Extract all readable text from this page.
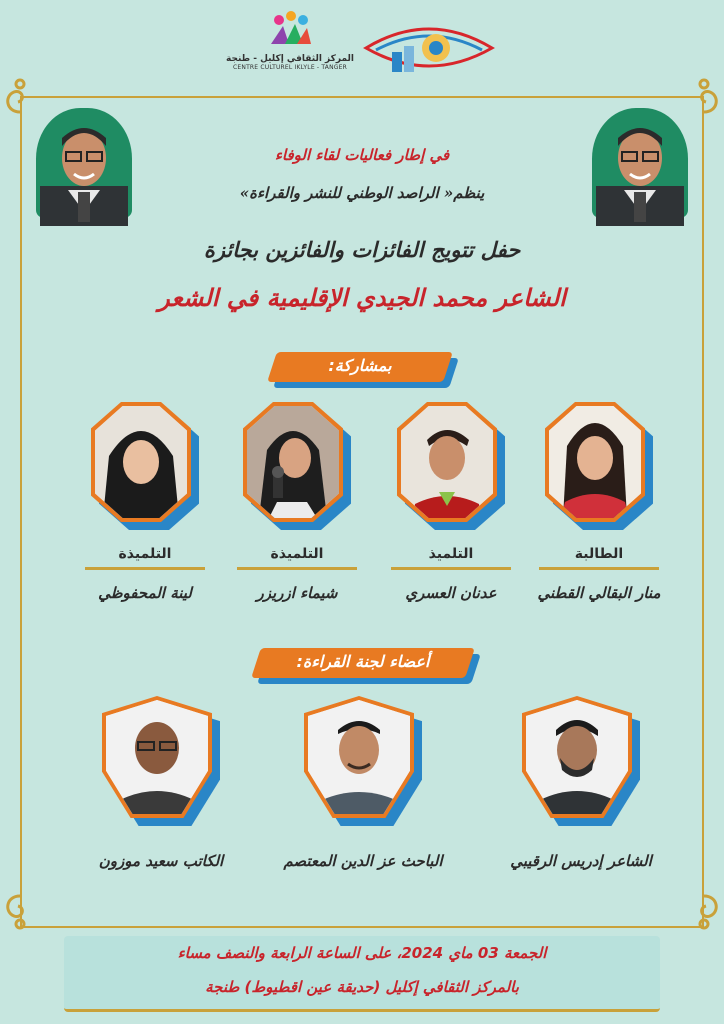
المركز الثقافي إكليل - طنجة
CENTRE CULTUREL IKLYLE - TANGER
في إطار فعاليات لقاء الوفاء
ينظم« الراصد الوطني للنشر والقراءة»
حفل تتويج الفائزات والفائزين بجائزة
الشاعر محمد الجيدي الإقليمية في الشعر
بمشاركة:
الطالبة
منار البقالي القطني
التلميذ
عدنان العسري
التلميذة
شيماء ازريزر
التلميذة
لينة المحفوظي
أعضاء لجنة القراءة:
الشاعر إدريس الرقيبي
الباحث عز الدين المعتصم
الكاتب سعيد موزون
الجمعة 03 ماي 2024، على الساعة الرابعة والنصف مساء
بالمركز الثقافي إكليل (حديقة عين اقطيوط) طنجة
